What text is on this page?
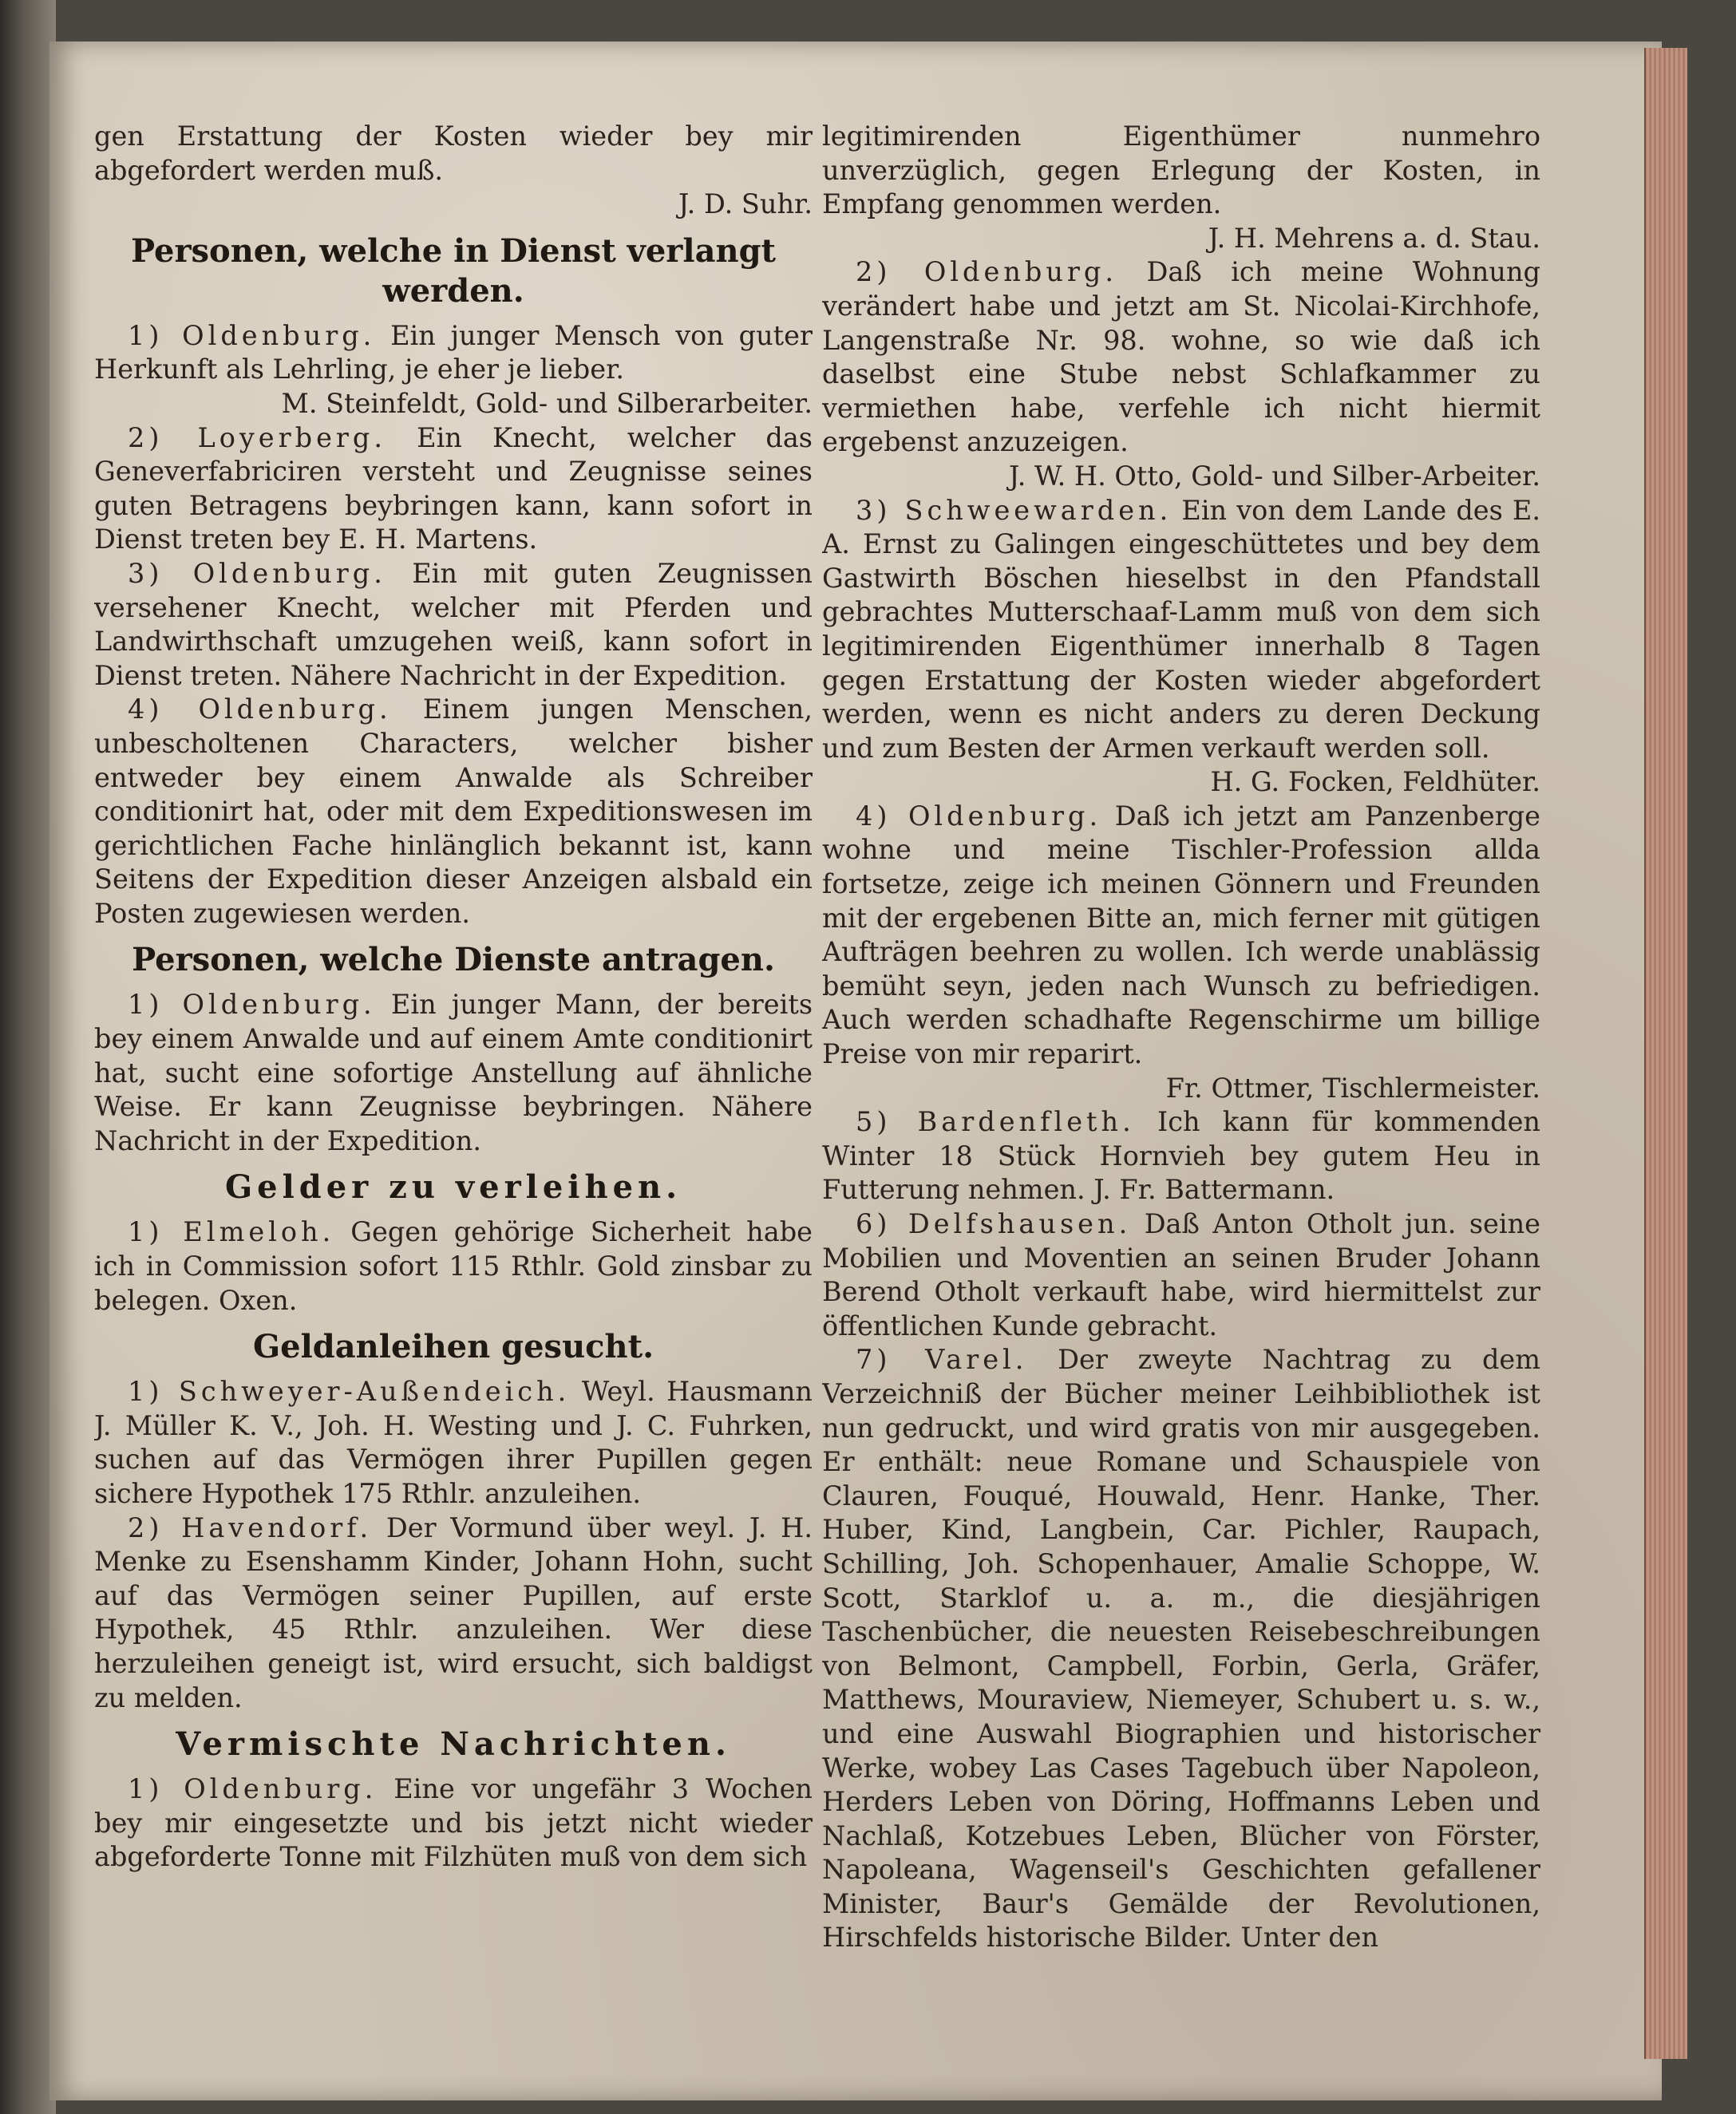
gen Erstattung der Kosten wieder bey mir abgefordert werden muß.

J. D. Suhr.

Personen, welche in Dienst verlangt werden.

1) Oldenburg. Ein junger Mensch von guter Herkunft als Lehrling, je eher je lieber.

M. Steinfeldt, Gold- und Silberarbeiter.

2) Loyerberg. Ein Knecht, welcher das Geneverfabriciren versteht und Zeugnisse seines guten Betragens beybringen kann, kann sofort in Dienst treten bey E. H. Martens.

3) Oldenburg. Ein mit guten Zeugnissen versehener Knecht, welcher mit Pferden und Landwirthschaft umzugehen weiß, kann sofort in Dienst treten. Nähere Nachricht in der Expedition.

4) Oldenburg. Einem jungen Menschen, unbescholtenen Characters, welcher bisher entweder bey einem Anwalde als Schreiber conditionirt hat, oder mit dem Expeditionswesen im gerichtlichen Fache hinlänglich bekannt ist, kann Seitens der Expedition dieser Anzeigen alsbald ein Posten zugewiesen werden.

Personen, welche Dienste antragen.

1) Oldenburg. Ein junger Mann, der bereits bey einem Anwalde und auf einem Amte conditionirt hat, sucht eine sofortige Anstellung auf ähnliche Weise. Er kann Zeugnisse beybringen. Nähere Nachricht in der Expedition.

Gelder zu verleihen.

1) Elmeloh. Gegen gehörige Sicherheit habe ich in Commission sofort 115 Rthlr. Gold zinsbar zu belegen. Oxen.

Geldanleihen gesucht.

1) Schweyer-Außendeich. Weyl. Hausmann J. Müller K. V., Joh. H. Westing und J. C. Fuhrken, suchen auf das Vermögen ihrer Pupillen gegen sichere Hypothek 175 Rthlr. anzuleihen.

2) Havendorf. Der Vormund über weyl. J. H. Menke zu Esenshamm Kinder, Johann Hohn, sucht auf das Vermögen seiner Pupillen, auf erste Hypothek, 45 Rthlr. anzuleihen. Wer diese herzuleihen geneigt ist, wird ersucht, sich baldigst zu melden.

Vermischte Nachrichten.

1) Oldenburg. Eine vor ungefähr 3 Wochen bey mir eingesetzte und bis jetzt nicht wieder abgeforderte Tonne mit Filzhüten muß von dem sich

legitimirenden Eigenthümer nunmehro unverzüglich, gegen Erlegung der Kosten, in Empfang genommen werden.

J. H. Mehrens a. d. Stau.

2) Oldenburg. Daß ich meine Wohnung verändert habe und jetzt am St. Nicolai-Kirchhofe, Langenstraße Nr. 98. wohne, so wie daß ich daselbst eine Stube nebst Schlafkammer zu vermiethen habe, verfehle ich nicht hiermit ergebenst anzuzeigen.

J. W. H. Otto, Gold- und Silber-Arbeiter.

3) Schweewarden. Ein von dem Lande des E. A. Ernst zu Galingen eingeschüttetes und bey dem Gastwirth Böschen hieselbst in den Pfandstall gebrachtes Mutterschaaf-Lamm muß von dem sich legitimirenden Eigenthümer innerhalb 8 Tagen gegen Erstattung der Kosten wieder abgefordert werden, wenn es nicht anders zu deren Deckung und zum Besten der Armen verkauft werden soll.

H. G. Focken, Feldhüter.

4) Oldenburg. Daß ich jetzt am Panzenberge wohne und meine Tischler-Profession allda fortsetze, zeige ich meinen Gönnern und Freunden mit der ergebenen Bitte an, mich ferner mit gütigen Aufträgen beehren zu wollen. Ich werde unablässig bemüht seyn, jeden nach Wunsch zu befriedigen. Auch werden schadhafte Regenschirme um billige Preise von mir reparirt.

Fr. Ottmer, Tischlermeister.

5) Bardenfleth. Ich kann für kommenden Winter 18 Stück Hornvieh bey gutem Heu in Futterung nehmen. J. Fr. Battermann.

6) Delfshausen. Daß Anton Otholt jun. seine Mobilien und Moventien an seinen Bruder Johann Berend Otholt verkauft habe, wird hiermittelst zur öffentlichen Kunde gebracht.

7) Varel. Der zweyte Nachtrag zu dem Verzeichniß der Bücher meiner Leihbibliothek ist nun gedruckt, und wird gratis von mir ausgegeben. Er enthält: neue Romane und Schauspiele von Clauren, Fouqué, Houwald, Henr. Hanke, Ther. Huber, Kind, Langbein, Car. Pichler, Raupach, Schilling, Joh. Schopenhauer, Amalie Schoppe, W. Scott, Starklof u. a. m., die diesjährigen Taschenbücher, die neuesten Reisebeschreibungen von Belmont, Campbell, Forbin, Gerla, Gräfer, Matthews, Mouraview, Niemeyer, Schubert u. s. w., und eine Auswahl Biographien und historischer Werke, wobey Las Cases Tagebuch über Napoleon, Herders Leben von Döring, Hoffmanns Leben und Nachlaß, Kotzebues Leben, Blücher von Förster, Napoleana, Wagenseil's Geschichten gefallener Minister, Baur's Gemälde der Revolutionen, Hirschfelds historische Bilder. Unter den
